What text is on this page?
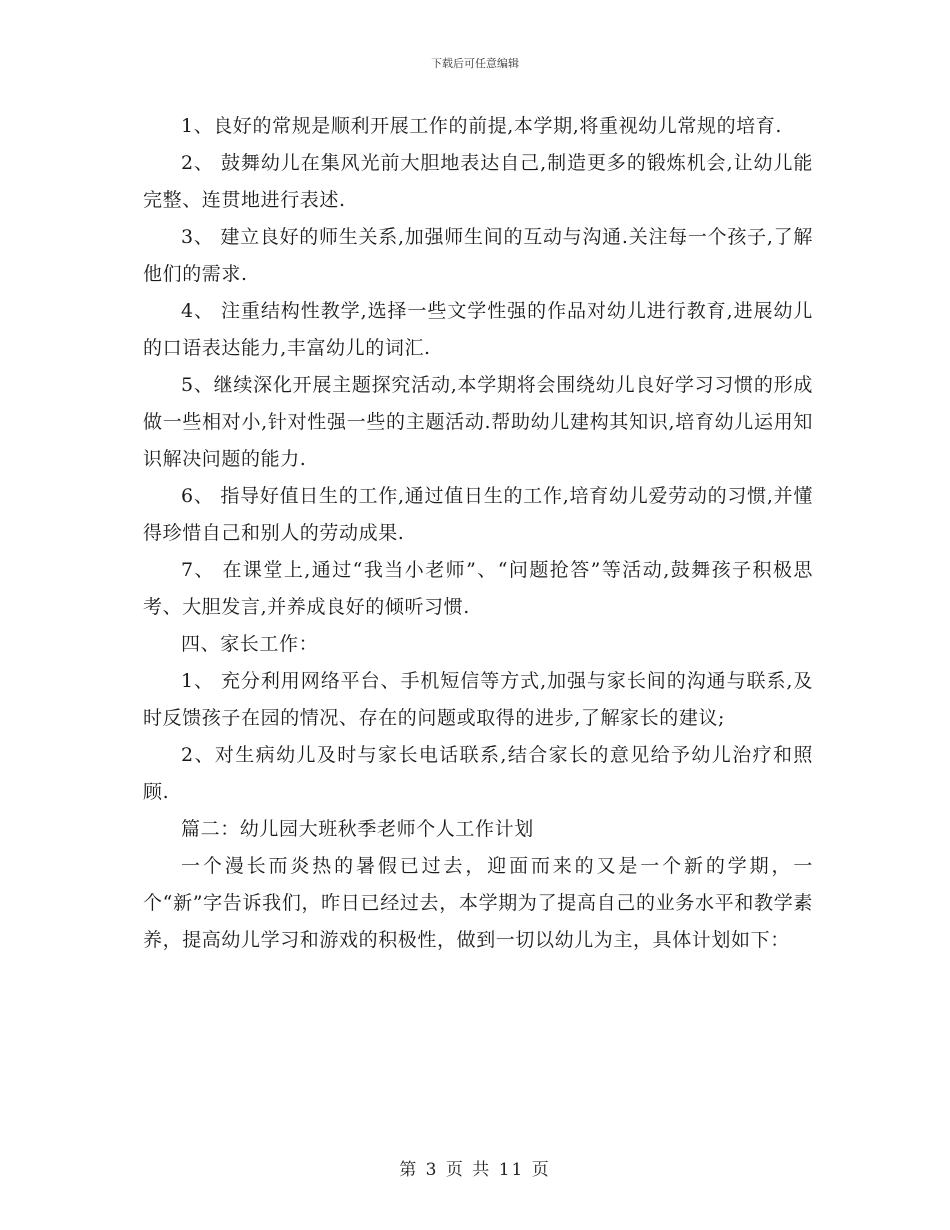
下载后可任意编辑

1、良好的常规是顺利开展工作的前提,本学期,将重视幼儿常规的培育.

2、 鼓舞幼儿在集风光前大胆地表达自己,制造更多的锻炼机会,让幼儿能完整、连贯地进行表述.

3、 建立良好的师生关系,加强师生间的互动与沟通.关注每一个孩子,了解他们的需求.

4、 注重结构性教学,选择一些文学性强的作品对幼儿进行教育,进展幼儿的口语表达能力,丰富幼儿的词汇.

5、继续深化开展主题探究活动,本学期将会围绕幼儿良好学习习惯的形成做一些相对小,针对性强一些的主题活动.帮助幼儿建构其知识,培育幼儿运用知识解决问题的能力.

6、 指导好值日生的工作,通过值日生的工作,培育幼儿爱劳动的习惯,并懂得珍惜自己和别人的劳动成果.

7、 在课堂上,通过“我当小老师”、“问题抢答”等活动,鼓舞孩子积极思考、大胆发言,并养成良好的倾听习惯.

四、家长工作：

1、 充分利用网络平台、手机短信等方式,加强与家长间的沟通与联系,及时反馈孩子在园的情况、存在的问题或取得的进步,了解家长的建议;

2、对生病幼儿及时与家长电话联系,结合家长的意见给予幼儿治疗和照顾.

篇二：幼儿园大班秋季老师个人工作计划

一个漫长而炎热的暑假已过去，迎面而来的又是一个新的学期，一个“新”字告诉我们，昨日已经过去，本学期为了提高自己的业务水平和教学素养，提高幼儿学习和游戏的积极性，做到一切以幼儿为主，具体计划如下：

第 3 页 共 11 页
